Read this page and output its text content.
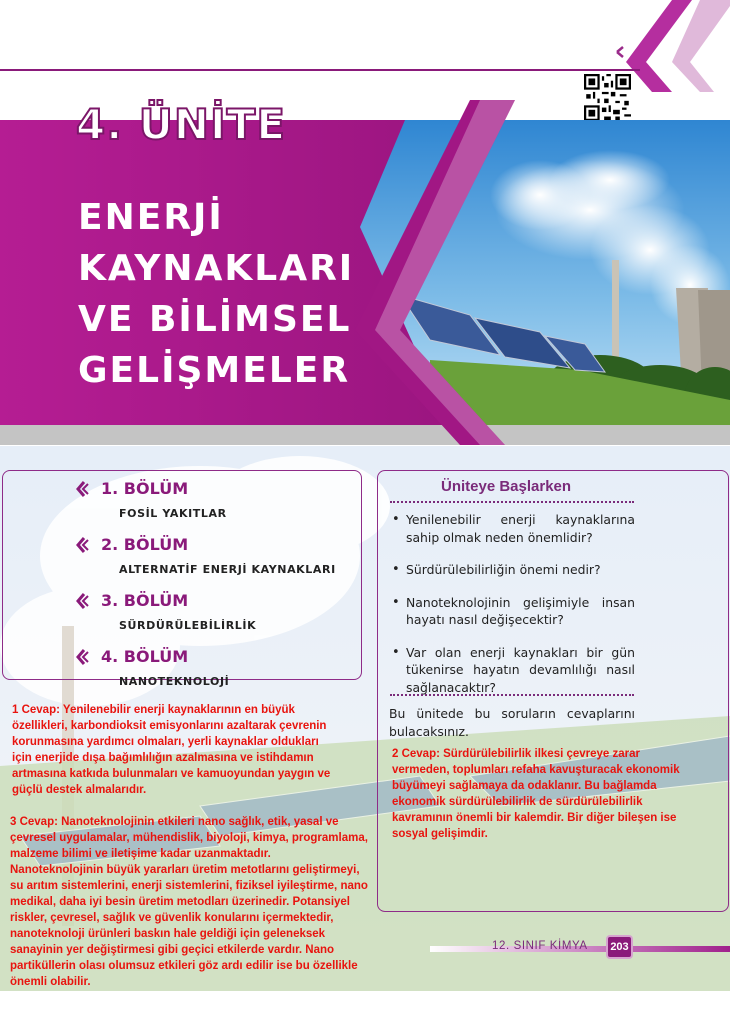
4. ÜNİTE
ENERJİ
KAYNAKLARI
VE BİLİMSEL
GELİŞMELER
1. BÖLÜM
FOSİL YAKITLAR
2. BÖLÜM
ALTERNATİF ENERJİ KAYNAKLARI
3. BÖLÜM
SÜRDÜRÜLEBİLİRLİK
4. BÖLÜM
NANOTEKNOLOJİ
Üniteye Başlarken
• Yenilenebilir enerji kaynaklarına sahip olmak neden önemlidir?
• Sürdürülebilirliğin önemi nedir?
• Nanoteknolojinin gelişimiyle insan hayatı nasıl değişecektir?
• Var olan enerji kaynakları bir gün tükenirse hayatın devamlılığı nasıl sağlanacaktır?
Bu ünitede bu soruların cevaplarını bulacaksınız.

1 Cevap: Yenilenebilir enerji kaynaklarının en büyük

özellikleri, karbondioksit emisyonlarını azaltarak çevrenin

korunmasına yardımcı olmaları, yerli kaynaklar oldukları

için enerjide dışa bağımlılığın azalmasına ve istihdamın

artmasına katkıda bulunmaları ve kamuoyundan yaygın ve

güçlü destek almalarıdır.

2 Cevap: Sürdürülebilirlik ilkesi çevreye zarar

vermeden, toplumları refaha kavuşturacak ekonomik

büyümeyi sağlamaya da odaklanır. Bu bağlamda

ekonomik sürdürülebilirlik de sürdürülebilirlik

kavramının önemli bir kalemdir. Bir diğer bileşen ise

sosyal gelişimdir.

3 Cevap: Nanoteknolojinin etkileri nano sağlık, etik, yasal ve

çevresel uygulamalar, mühendislik, biyoloji, kimya, programlama,

malzeme bilimi ve iletişime kadar uzanmaktadır.

Nanoteknolojinin büyük yararları üretim metotlarını geliştirmeyi,

su arıtım sistemlerini, enerji sistemlerini, fiziksel iyileştirme, nano

medikal, daha iyi besin üretim metodları üzerinedir. Potansiyel

riskler, çevresel, sağlık ve güvenlik konularını içermektedir,

nanoteknoloji ürünleri baskın hale geldiği için geleneksek

sanayinin yer değiştirmesi gibi geçici etkilerde vardır. Nano

partiküllerin olası olumsuz etkileri göz ardı edilir ise bu özellikle

önemli olabilir.

12. SINIF KİMYA	203
